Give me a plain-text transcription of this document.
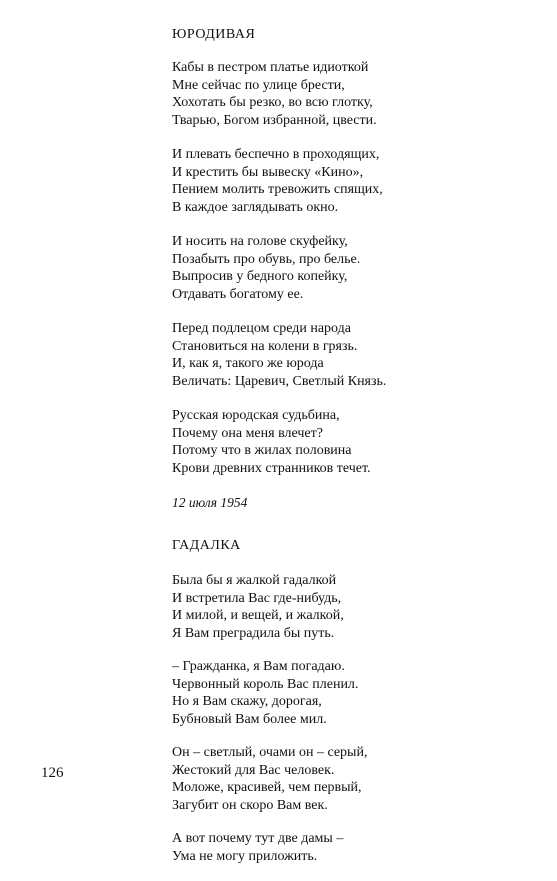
ЮРОДИВАЯ
Кабы в пестром платье идиоткой
Мне сейчас по улице брести,
Хохотать бы резко, во всю глотку,
Тварью, Богом избранной, цвести.
И плевать беспечно в проходящих,
И крестить бы вывеску «Кино»,
Пением молить тревожить спящих,
В каждое заглядывать окно.
И носить на голове скуфейку,
Позабыть про обувь, про белье.
Выпросив у бедного копейку,
Отдавать богатому ее.
Перед подлецом среди народа
Становиться на колени в грязь.
И, как я, такого же юрода
Величать: Царевич, Светлый Князь.
Русская юродская судьбина,
Почему она меня влечет?
Потому что в жилах половина
Крови древних странников течет.
12 июля 1954
ГАДАЛКА
Была бы я жалкой гадалкой
И встретила Вас где-нибудь,
И милой, и вещей, и жалкой,
Я Вам преградила бы путь.
– Гражданка, я Вам погадаю.
Червонный король Вас пленил.
Но я Вам скажу, дорогая,
Бубновый Вам более мил.
Он – светлый, очами он – серый,
Жестокий для Вас человек.
Моложе, красивей, чем первый,
Загубит он скоро Вам век.
А вот почему тут две дамы –
Ума не могу приложить.
126
